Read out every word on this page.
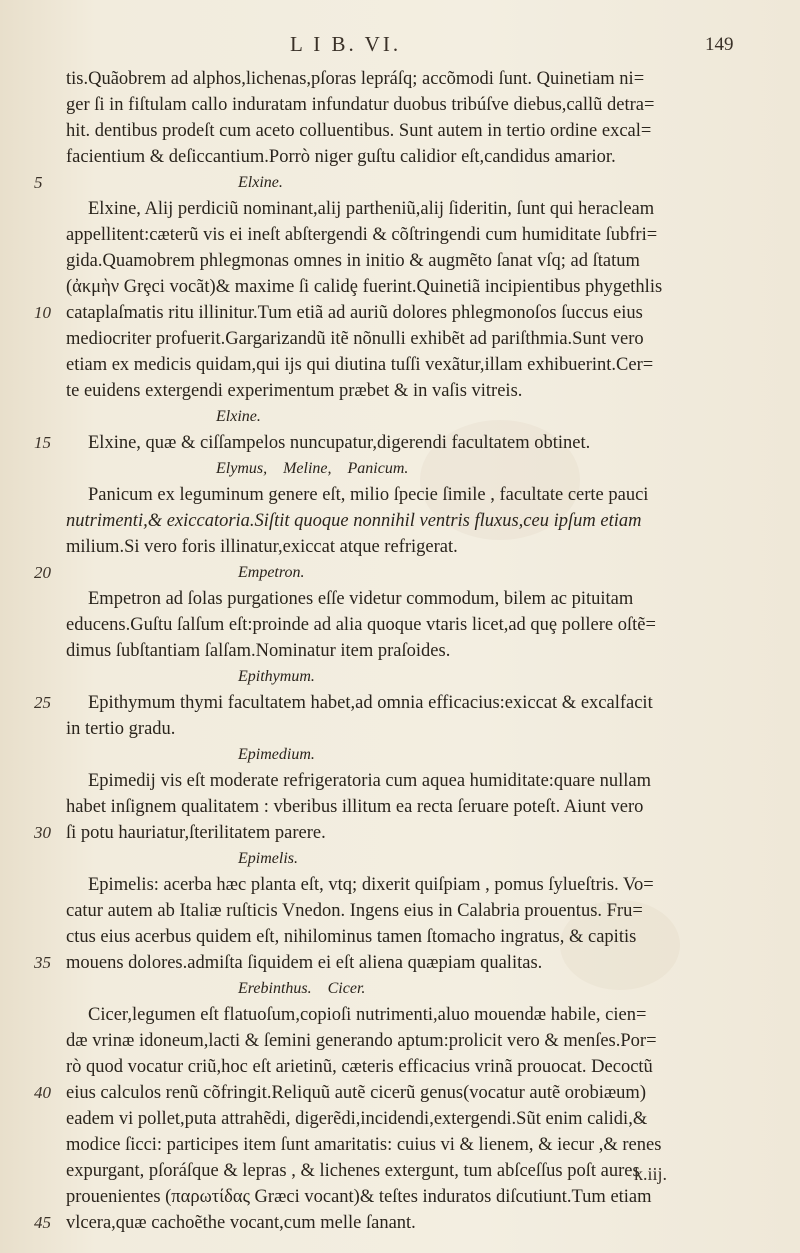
L I B. VI.	149
tis.Quãobrem ad alphos,lichenas,pſoras lepráſq; accõmodi ſunt. Quinetiam ni=
ger ſi in fiſtulam callo induratam infundatur duobus tribúſve diebus,callũ detra=
hit. dentibus prodeſt cum aceto colluentibus. Sunt autem in tertio ordine excal=
facientium & deſiccantium.Porrò niger guſtu calidior eſt,candidus amarior.
5	Elxine.
Elxine, Alij perdiciũ nominant,alij partheniũ,alij ſideritin, ſunt qui heracleam
appellitent:cæterũ vis ei ineſt abſtergendi & cõſtringendi cum humiditate ſubfri=
gida.Quamobrem phlegmonas omnes in initio & augmẽto ſanat vſq; ad ſtatum
(ἀκμὴν Grȩci vocãt)& maxime ſi calidȩ fuerint.Quinetiã incipientibus phygethlis
10 cataplaſmatis ritu illinitur.Tum etiã ad auriũ dolores phlegmonoſos ſuccus eius
mediocriter profuerit.Gargarizandũ itẽ nõnulli exhibẽt ad pariſthmia.Sunt vero
etiam ex medicis quidam,qui ijs qui diutina tuſſi vexãtur,illam exhibuerint.Cer=
te euidens extergendi experimentum præbet & in vaſis vitreis.
Elxine.
15 Elxine, quæ & ciſſampelos nuncupatur,digerendi facultatem obtinet.
Elymus,    Meline,    Panicum.
Panicum ex leguminum genere eſt, milio ſpecie ſimile , facultate certe pauci
nutrimenti,& exiccatoria.Siſtit quoque nonnihil ventris fluxus,ceu ipſum etiam
milium.Si vero foris illinatur,exiccat atque refrigerat.
20	Empetron.
Empetron ad ſolas purgationes eſſe videtur commodum, bilem ac pituitam
educens.Guſtu ſalſum eſt:proinde ad alia quoque vtaris licet,ad quȩ pollere oſtẽ=
dimus ſubſtantiam ſalſam.Nominatur item praſoides.
Epithymum.
25 Epithymum thymi facultatem habet,ad omnia efficacius:exiccat & excalfacit
in tertio gradu.
Epimedium.
Epimedij vis eſt moderate refrigeratoria cum aquea humiditate:quare nullam
habet inſignem qualitatem : vberibus illitum ea recta ſeruare poteſt. Aiunt vero
30 ſi potu hauriatur,ſterilitatem parere.
Epimelis.
Epimelis: acerba hæc planta eſt, vtq; dixerit quiſpiam , pomus ſylueſtris. Vo=
catur autem ab Italiæ ruſticis Vnedon. Ingens eius in Calabria prouentus. Fru=
ctus eius acerbus quidem eſt, nihilominus tamen ſtomacho ingratus, & capitis
35 mouens dolores.admiſta ſiquidem ei eſt aliena quæpiam qualitas.
Erebinthus.    Cicer.
Cicer,legumen eſt flatuoſum,copioſi nutrimenti,aluo mouendæ habile, cien=
dæ vrinæ idoneum,lacti & ſemini generando aptum:prolicit vero & menſes.Por=
rò quod vocatur criũ,hoc eſt arietinũ, cæteris efficacius vrinã prouocat. Decoctũ
40 eius calculos renũ cõfringit.Reliquũ autẽ cicerũ genus(vocatur autẽ orobiæum)
eadem vi pollet,puta attrahẽdi, digerẽdi,incidendi,extergendi.Sũt enim calidi,&
modice ſicci: participes item ſunt amaritatis: cuius vi & lienem, & iecur ,& renes
expurgant, pſoráſque & lepras , & lichenes extergunt, tum abſceſſus poſt aures
prouenientes (παρωτίδας Græci vocant)& teſtes induratos diſcutiunt.Tum etiam
45 vlcera,quæ cachoẽthe vocant,cum melle ſanant.
k.iij.
